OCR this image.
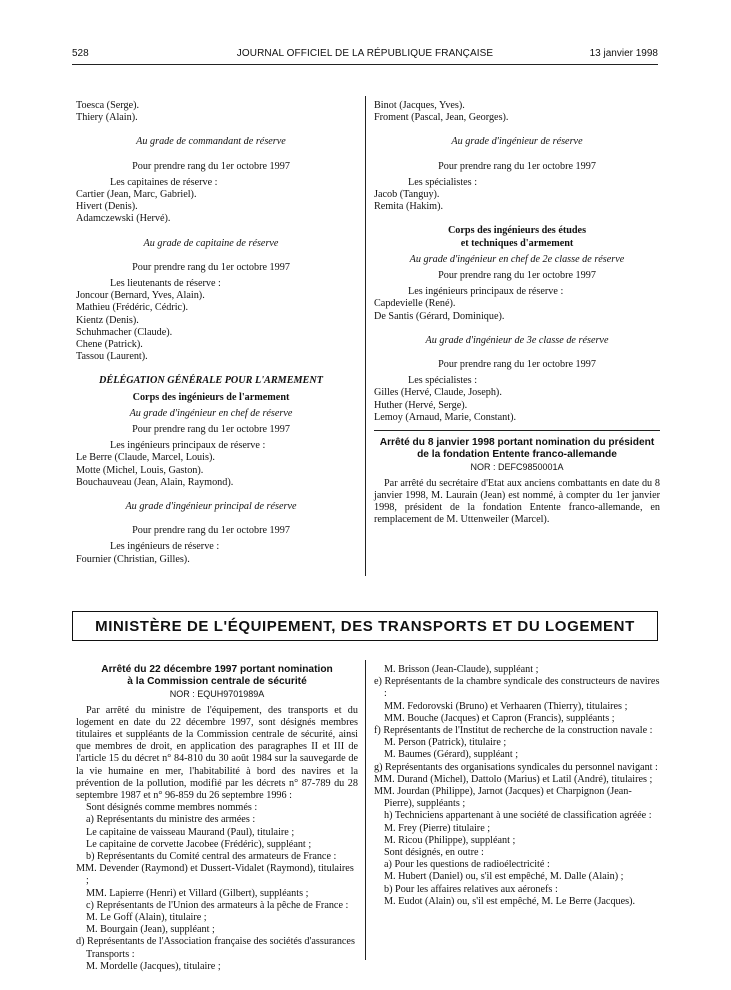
528	JOURNAL OFFICIEL DE LA RÉPUBLIQUE FRANÇAISE	13 janvier 1998

Toesca (Serge).

Thiery (Alain).

Au grade de commandant de réserve

Pour prendre rang du 1er octobre 1997

Les capitaines de réserve :

Cartier (Jean, Marc, Gabriel).

Hivert (Denis).

Adamczewski (Hervé).

Au grade de capitaine de réserve

Pour prendre rang du 1er octobre 1997

Les lieutenants de réserve :

Joncour (Bernard, Yves, Alain).

Mathieu (Frédéric, Cédric).

Kientz (Denis).

Schuhmacher (Claude).

Chene (Patrick).

Tassou (Laurent).

DÉLÉGATION GÉNÉRALE POUR L'ARMEMENT

Corps des ingénieurs de l'armement

Au grade d'ingénieur en chef de réserve

Pour prendre rang du 1er octobre 1997

Les ingénieurs principaux de réserve :

Le Berre (Claude, Marcel, Louis).

Motte (Michel, Louis, Gaston).

Bouchauveau (Jean, Alain, Raymond).

Au grade d'ingénieur principal de réserve

Pour prendre rang du 1er octobre 1997

Les ingénieurs de réserve :

Fournier (Christian, Gilles).

Binot (Jacques, Yves).

Froment (Pascal, Jean, Georges).

Au grade d'ingénieur de réserve

Pour prendre rang du 1er octobre 1997

Les spécialistes :

Jacob (Tanguy).

Remita (Hakim).

Corps des ingénieurs des études

et techniques d'armement

Au grade d'ingénieur en chef de 2e classe de réserve

Pour prendre rang du 1er octobre 1997

Les ingénieurs principaux de réserve :

Capdevielle (René).

De Santis (Gérard, Dominique).

Au grade d'ingénieur de 3e classe de réserve

Pour prendre rang du 1er octobre 1997

Les spécialistes :

Gilles (Hervé, Claude, Joseph).

Huther (Hervé, Serge).

Lemoy (Arnaud, Marie, Constant).

Arrêté du 8 janvier 1998 portant nomination du président

de la fondation Entente franco-allemande

NOR : DEFC9850001A

Par arrêté du secrétaire d'Etat aux anciens combattants en date du 8 janvier 1998, M. Laurain (Jean) est nommé, à compter du 1er janvier 1998, président de la fondation Entente franco-allemande, en remplacement de M. Uttenweiler (Marcel).

MINISTÈRE DE L'ÉQUIPEMENT, DES TRANSPORTS ET DU LOGEMENT

Arrêté du 22 décembre 1997 portant nomination

à la Commission centrale de sécurité

NOR : EQUH9701989A

Par arrêté du ministre de l'équipement, des transports et du logement en date du 22 décembre 1997, sont désignés membres titulaires et suppléants de la Commission centrale de sécurité, ainsi que membres de droit, en application des paragraphes II et III de l'article 15 du décret n° 84-810 du 30 août 1984 sur la sauvegarde de la vie humaine en mer, l'habitabilité à bord des navires et la prévention de la pollution, modifié par les décrets n° 87-789 du 28 septembre 1987 et n° 96-859 du 26 septembre 1996 :

Sont désignés comme membres nommés :

a) Représentants du ministre des armées :

Le capitaine de vaisseau Maurand (Paul), titulaire ;

Le capitaine de corvette Jacobee (Frédéric), suppléant ;

b) Représentants du Comité central des armateurs de France :

MM. Devender (Raymond) et Dussert-Vidalet (Raymond), titulaires ;

MM. Lapierre (Henri) et Villard (Gilbert), suppléants ;

c) Représentants de l'Union des armateurs à la pêche de France :

M. Le Goff (Alain), titulaire ;

M. Bourgain (Jean), suppléant ;

d) Représentants de l'Association française des sociétés d'assurances Transports :

M. Mordelle (Jacques), titulaire ;

M. Brisson (Jean-Claude), suppléant ;

e) Représentants de la chambre syndicale des constructeurs de navires :

MM. Fedorovski (Bruno) et Verhaaren (Thierry), titulaires ;

MM. Bouche (Jacques) et Capron (Francis), suppléants ;

f) Représentants de l'Institut de recherche de la construction navale :

M. Person (Patrick), titulaire ;

M. Baumes (Gérard), suppléant ;

g) Représentants des organisations syndicales du personnel navigant :

MM. Durand (Michel), Dattolo (Marius) et Latil (André), titulaires ;

MM. Jourdan (Philippe), Jarnot (Jacques) et Charpignon (Jean-Pierre), suppléants ;

h) Techniciens appartenant à une société de classification agréée :

M. Frey (Pierre) titulaire ;

M. Ricou (Philippe), suppléant ;

Sont désignés, en outre :

a) Pour les questions de radioélectricité :

M. Hubert (Daniel) ou, s'il est empêché, M. Dalle (Alain) ;

b) Pour les affaires relatives aux aéronefs :

M. Eudot (Alain) ou, s'il est empêché, M. Le Berre (Jacques).
